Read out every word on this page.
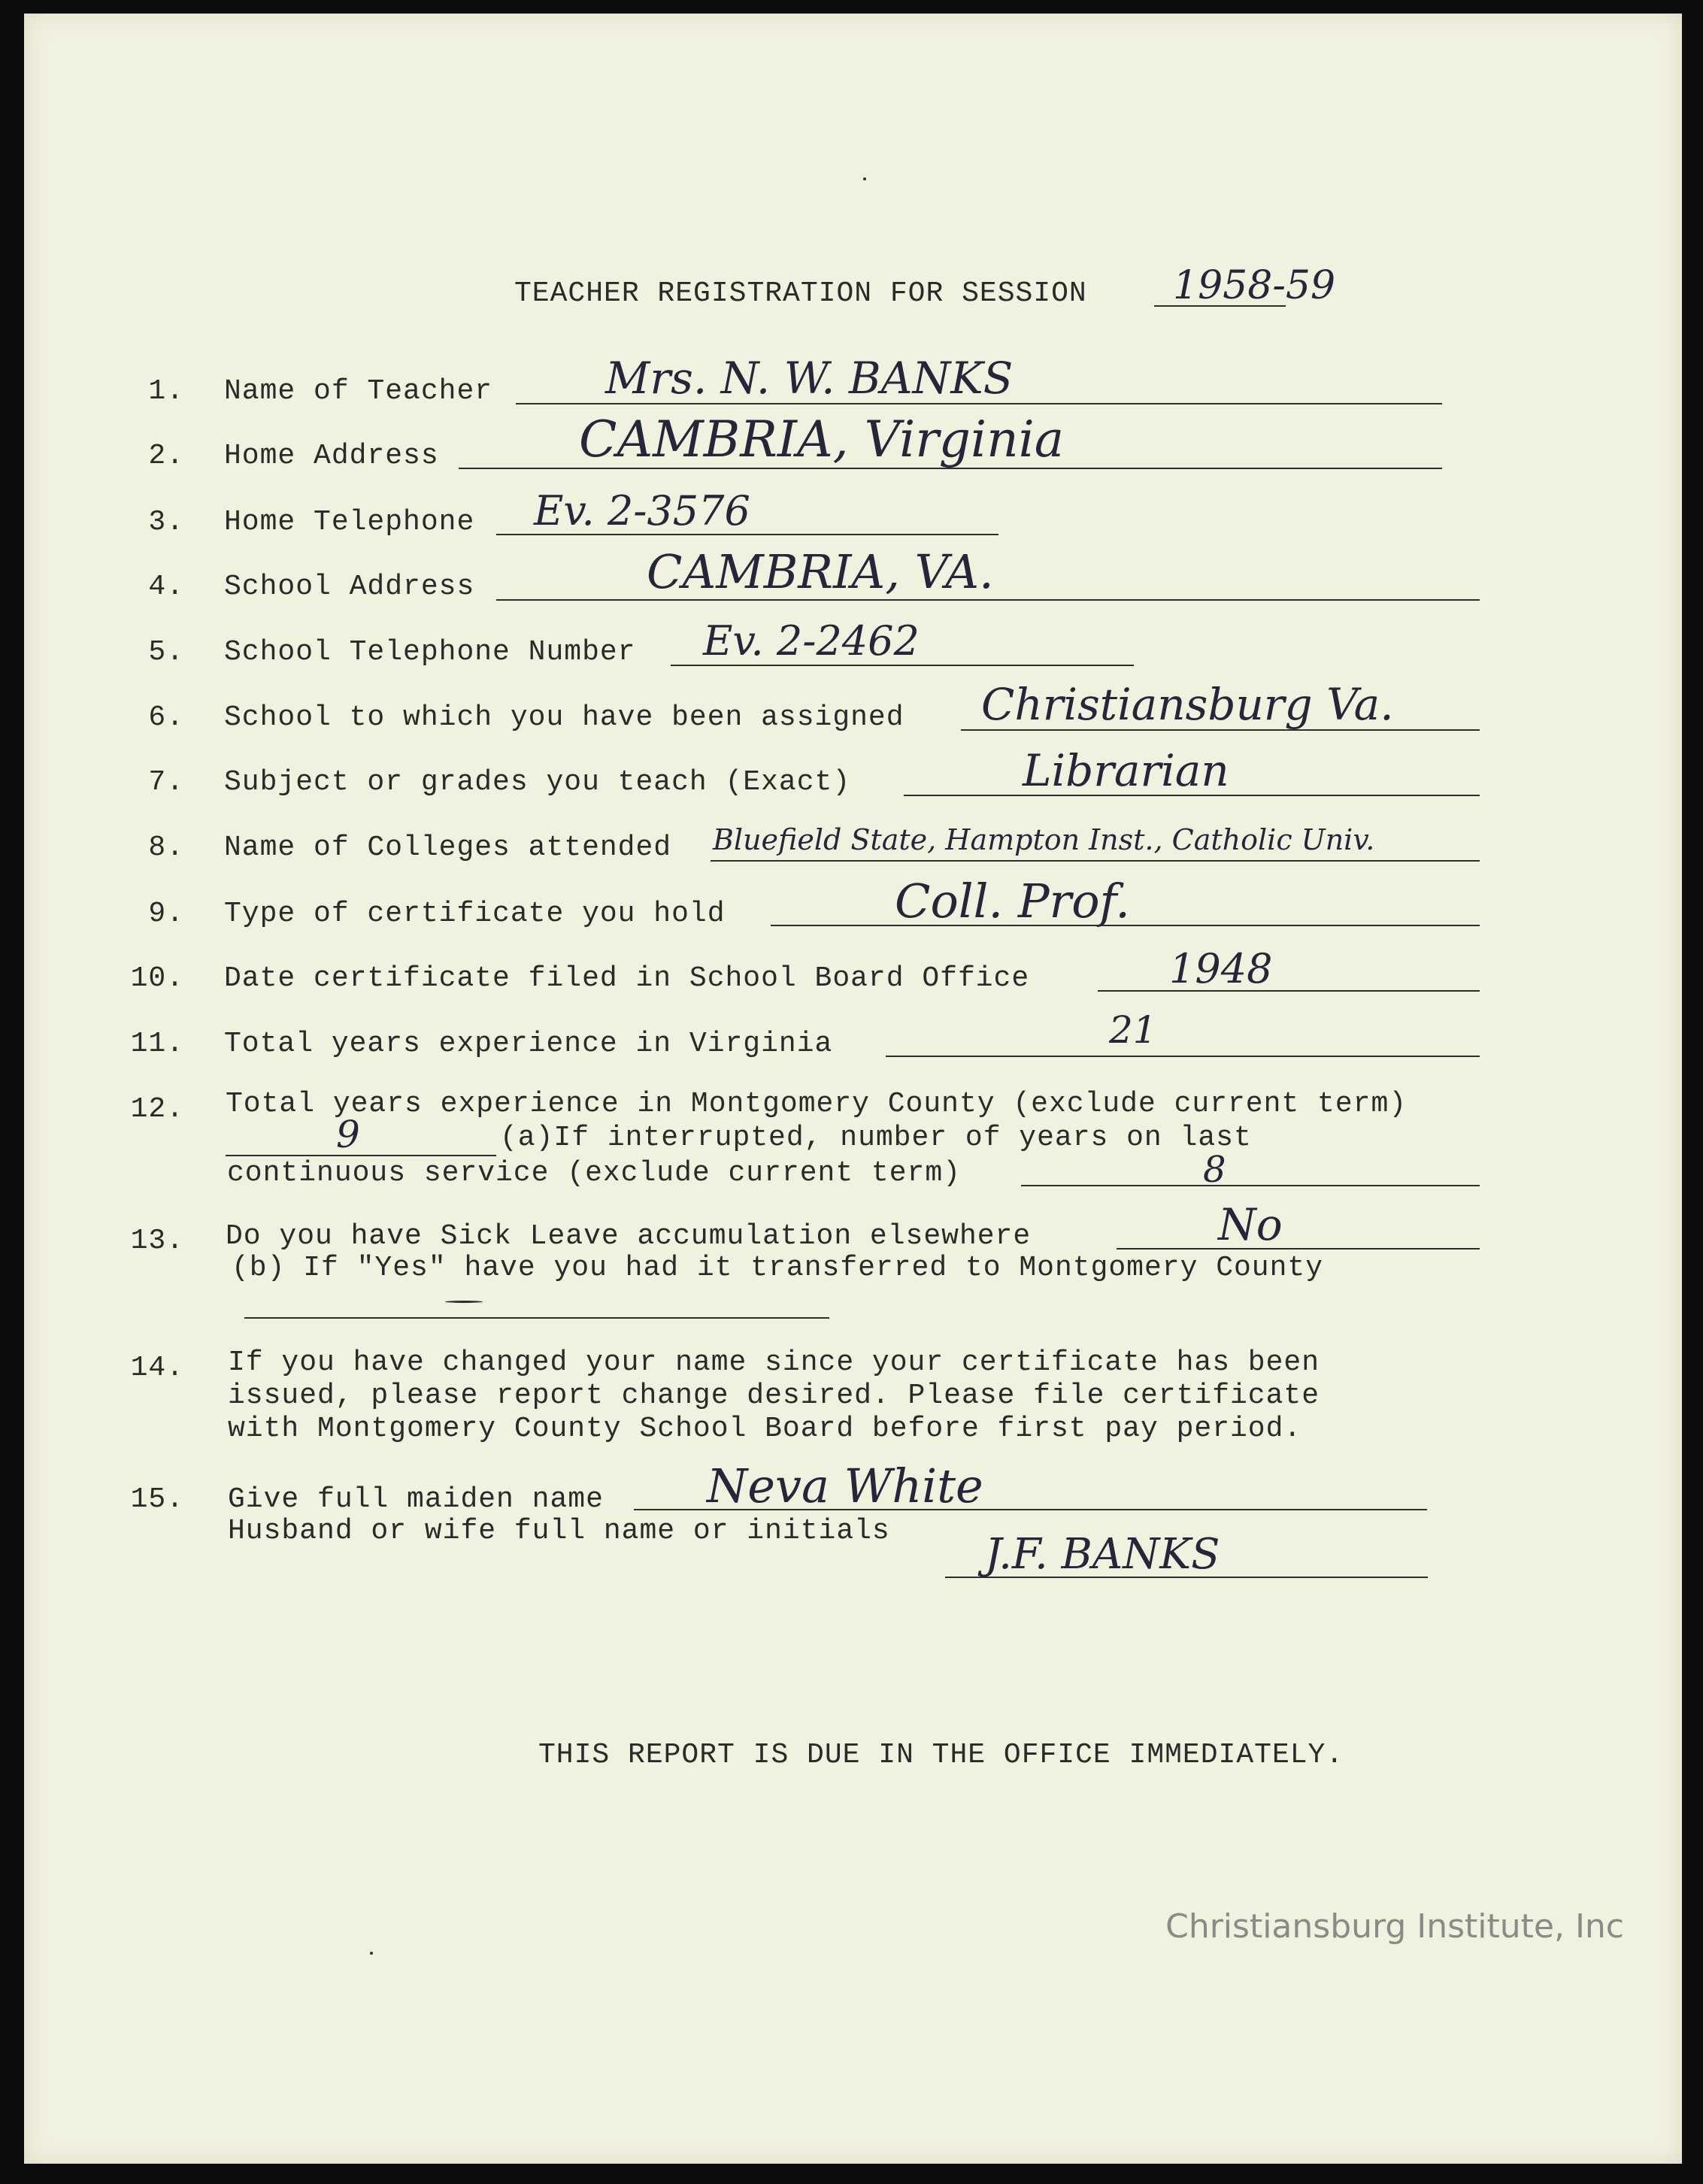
TEACHER REGISTRATION FOR SESSION 1958-59
1. Name of Teacher	Mrs. N. W. BANKS
2. Home Address	CAMBRIA, Virginia
3. Home Telephone Ev. 2-3576
4. School Address	CAMBRIA, VA.
5. School Telephone Number Ev. 2-2462
6. School to which you have been assigned Christiansburg Va.
7. Subject or grades you teach (Exact)	Librarian
8. Name of Colleges attended Bluefield State, Hampton Inst., Catholic Univ.
9. Type of certificate you hold	Coll. Prof.
10. Date certificate filed in School Board Office	1948
11. Total years experience in Virginia	21
12. Total years experience in Montgomery County (exclude current term)
9	(a)If interrupted, number of years on last
continuous service (exclude current term)	8
13. Do you have Sick Leave accumulation elsewhere	No
(b) If "Yes" have you had it transferred to Montgomery County
14. If you have changed your name since your certificate has been
issued, please report change desired. Please file certificate
with Montgomery County School Board before first pay period.
15. Give full maiden name Neva White
Husband or wife full name or initials J.F. BANKS
THIS REPORT IS DUE IN THE OFFICE IMMEDIATELY.
Christiansburg Institute, Inc
